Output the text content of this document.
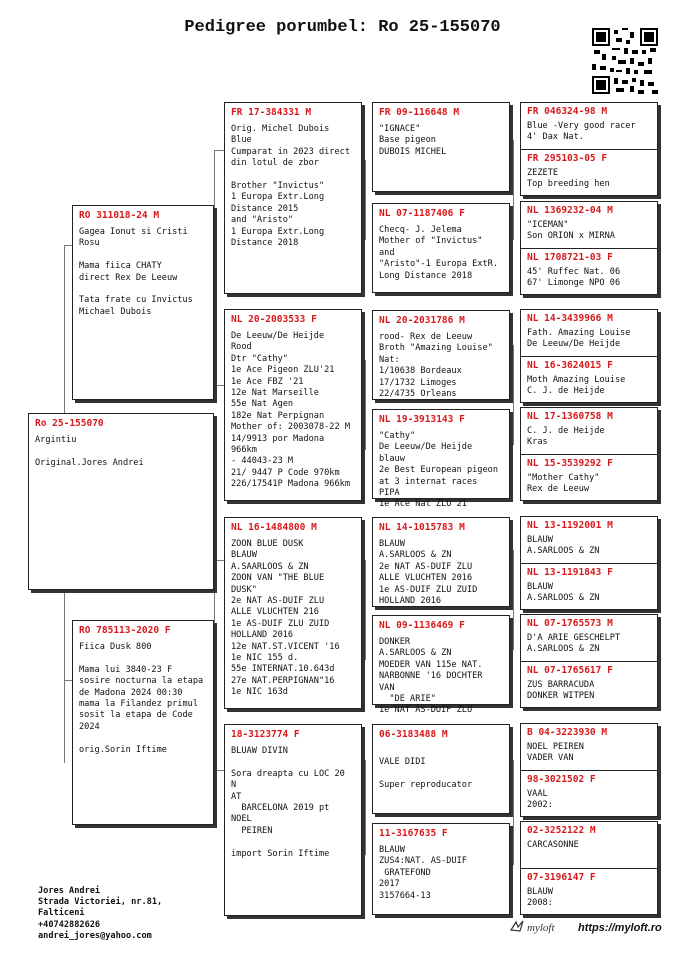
Pedigree porumbel: Ro 25-155070
Ro 25-155070
Argintiu

Original.Jores Andrei
RO 311018-24 M
Gagea Ionut si Cristi
Rosu

Mama fiica CHATY
direct Rex De Leeuw

Tata frate cu Invictus
Michael Dubois
RO 785113-2020 F
Fiica Dusk 800

Mama lui 3840-23 F
sosire nocturna la etapa
de Madona 2024 00:30
mama la Filandez primul
sosit la etapa de Code
2024

orig.Sorin Iftime
FR 17-384331 M
Orig. Michel Dubois
Blue
Cumparat in 2023 direct
din lotul de zbor

Brother "Invictus"
1 Europa Extr.Long
Distance 2015
and "Aristo"
1 Europa Extr.Long
Distance 2018
NL 20-2003533 F
De Leeuw/De Heijde
Rood
Dtr "Cathy"
1e Ace Pigeon ZLU'21
1e Ace FBZ '21
12e Nat Marseille
55e Nat Agen
182e Nat Perpignan
Mother of: 2003078-22 M
14/9913 por Madona 966km
- 44043-23 M
21/ 9447 P Code 970km
226/17541P Madona 966km
NL 16-1484800 M
ZOON BLUE DUSK
BLAUW
A.SAARLOOS & ZN
ZOON VAN "THE BLUE DUSK"
2e NAT AS-DUIF ZLU
ALLE VLUCHTEN 216
1e AS-DUIF ZLU ZUID
HOLLAND 2016
12e NAT.ST.VICENT '16
1e NIC 155 d.
55e INTERNAT.10.643d
27e NAT.PERPIGNAN"16
1e NIC 163d
18-3123774 F
BLUAW DIVIN

Sora dreapta cu LOC 20 N
AT
BARCELONA 2019 pt NOEL
PEIREN

import Sorin Iftime
FR 09-116648 M
"IGNACE"
Base pigeon
DUBOIS MICHEL
NL 07-1187406 F
Checq- J. Jelema
Mother of "Invictus" and
"Aristo"-1 Europa ExtR.
Long Distance 2018
NL 20-2031786 M
rood- Rex de Leeuw
Broth "Amazing Louise"
Nat:
1/10638 Bordeaux
17/1732 Limoges
22/4735 Orleans
NL 19-3913143 F
"Cathy"
De Leeuw/De Heijde
blauw
2e Best European pigeon
at 3 internat races PIPA
1e Ace Nat ZLU'21
NL 14-1015783 M
BLAUW
A.SARLOOS & ZN
2e NAT AS-DUIF ZLU
ALLE VLUCHTEN 2016
1e AS-DUIF ZLU ZUID
HOLLAND 2016
NL 09-1136469 F
DONKER
A.SARLOOS & ZN
MOEDER VAN 115e NAT.
NARBONNE '16 DOCHTER VAN
"DE ARIE"
1e NAT AS-DUIF ZLU
06-3183488 M

VALE DIDI

Super reproducator
11-3167635 F
BLAUW
ZUS4:NAT. AS-DUIF
GRATEFOND
2017
3157664-13
FR 046324-98 M
Blue -Very good racer
4' Dax Nat.
FR 295103-05 F
ZEZETE
Top breeding hen
NL 1369232-04 M
"ICEMAN"
Son ORION x MIRNA
NL 1708721-03 F
45' Ruffec Nat. 06
67' Limonge NPO 06
NL 14-3439966 M
Fath. Amazing Louise
De Leeuw/De Heijde
NL 16-3624015 F
Moth Amazing Louise
C. J. de Heijde
NL 17-1360758 M
C. J. de Heijde
Kras
NL 15-3539292 F
"Mother Cathy"
Rex de Leeuw
NL 13-1192001 M
BLAUW
A.SARLOOS & ZN
NL 13-1191843 F
BLAUW
A.SARLOOS & ZN
NL 07-1765573 M
D'A ARIE GESCHELPT
A.SARLOOS & ZN
NL 07-1765617 F
ZUS BARRACUDA
DONKER WITPEN
B 04-3223930 M
NOEL PEIREN
VADER VAN
98-3021502 F
VAAL
2002:
02-3252122 M
CARCASONNE
07-3196147 F
BLAUW
2008:
Jores Andrei
Strada Victoriei, nr.81,
Falticeni
+40742882626
andrei_jores@yahoo.com
myloft https://myloft.ro
